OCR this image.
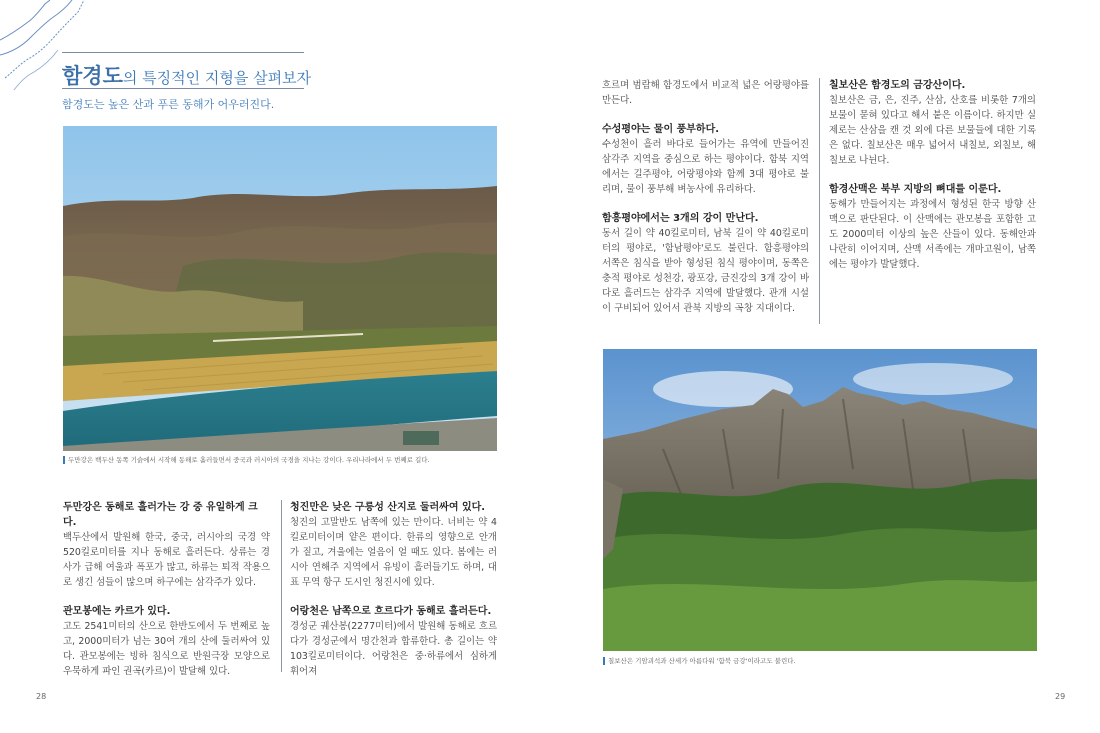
함경도의 특징적인 지형을 살펴보자
함경도는 높은 산과 푸른 동해가 어우러진다.
두만강은 백두산 동쪽 기슭에서 시작해 동해로 흘러들면서 중국과 러시아의 국경을 지나는 강이다. 우리나라에서 두 번째로 길다.
두만강은 동해로 흘러가는 강 중 유일하게 크다.

백두산에서 발원해 한국, 중국, 러시아의 국경 약 520킬로미터를 지나 동해로 흘러든다. 상류는 경사가 급해 여울과 폭포가 많고, 하류는 퇴적 작용으로 생긴 섬들이 많으며 하구에는 삼각주가 있다.

관모봉에는 카르가 있다.

고도 2541미터의 산으로 한반도에서 두 번째로 높고, 2000미터가 넘는 30여 개의 산에 둘러싸여 있다. 관모봉에는 빙하 침식으로 반원극장 모양으로 우묵하게 파인 권곡(카르)이 발달해 있다.

청진만은 낮은 구릉성 산지로 둘러싸여 있다.

청진의 고말반도 남쪽에 있는 만이다. 너비는 약 4킬로미터이며 얕은 편이다. 한류의 영향으로 안개가 짙고, 겨울에는 얼음이 얼 때도 있다. 봄에는 러시아 연해주 지역에서 유빙이 흘러들기도 하며, 대표 무역 항구 도시인 청진시에 있다.

어랑천은 남쪽으로 흐르다가 동해로 흘러든다.

경성군 궤산봉(2277미터)에서 발원해 동해로 흐르다가 경성군에서 명간천과 합류한다. 총 길이는 약 103킬로미터이다. 어랑천은 중·하류에서 심하게 휘어져

흐르며 범람해 함경도에서 비교적 넓은 어랑평야를 만든다.

수성평야는 물이 풍부하다.

수성천이 흘러 바다로 들어가는 유역에 만들어진 삼각주 지역을 중심으로 하는 평야이다. 함북 지역에서는 길주평야, 어랑평야와 함께 3대 평야로 불리며, 물이 풍부해 벼농사에 유리하다.

함흥평야에서는 3개의 강이 만난다.

동서 길이 약 40킬로미터, 남북 길이 약 40킬로미터의 평야로, '함남평야'로도 불린다. 함흥평야의 서쪽은 침식을 받아 형성된 침식 평야이며, 동쪽은 충적 평야로 성천강, 광포강, 금진강의 3개 강이 바다로 흘러드는 삼각주 지역에 발달했다. 관개 시설이 구비되어 있어서 관북 지방의 곡창 지대이다.

칠보산은 함경도의 금강산이다.

칠보산은 금, 은, 진주, 산삼, 산호를 비롯한 7개의 보물이 묻혀 있다고 해서 붙은 이름이다. 하지만 실제로는 산삼을 캔 것 외에 다른 보물들에 대한 기록은 없다. 칠보산은 매우 넓어서 내칠보, 외칠보, 해칠보로 나뉜다.

함경산맥은 북부 지방의 뼈대를 이룬다.

동해가 만들어지는 과정에서 형성된 한국 방향 산맥으로 판단된다. 이 산맥에는 관모봉을 포함한 고도 2000미터 이상의 높은 산들이 있다. 동해안과 나란히 이어지며, 산맥 서족에는 개마고원이, 남쪽에는 평야가 발달했다.

칠보산은 기암괴석과 산세가 아름다워 '함북 금강'이라고도 불린다.
28	29
